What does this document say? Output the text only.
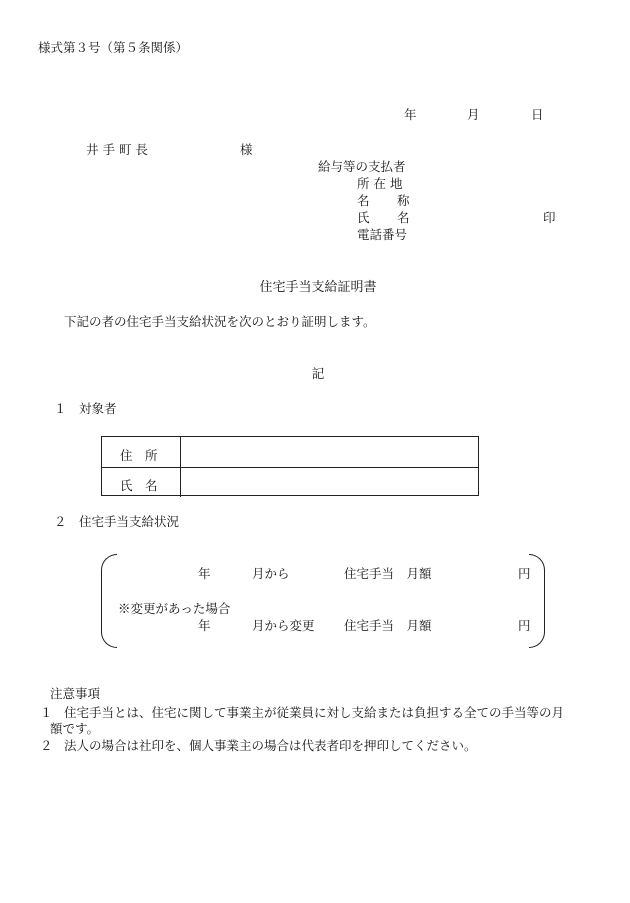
様式第３号（第５条関係）
年	月	日
井 手 町 長	様
給与等の支払者
所 在 地
名 称
氏 名	印
電話番号
住宅手当支給証明書
下記の者の住宅手当支給状況を次のとおり証明します。
記
１　対象者
住　所
氏　名
２　住宅手当支給状況
年	月から	住宅手当　月額	円
※変更があった場合
年	月から変更 住宅手当　月額	円
注意事項
１ 住宅手当とは、住宅に関して事業主が従業員に対し支給または負担する全ての手当等の月
額です。
２ 法人の場合は社印を、個人事業主の場合は代表者印を押印してください。
